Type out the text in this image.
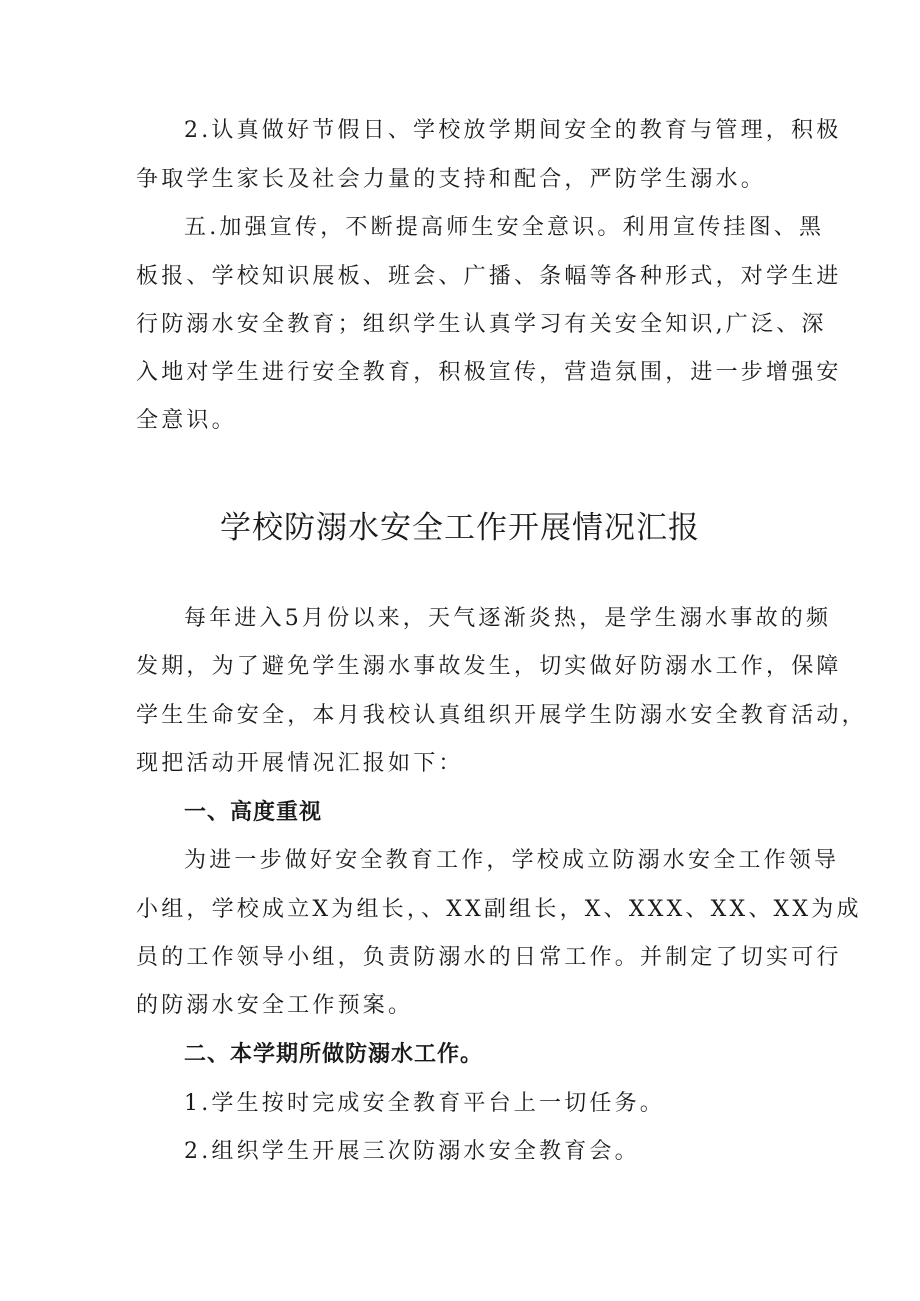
2.认真做好节假日、学校放学期间安全的教育与管理，积极
争取学生家长及社会力量的支持和配合，严防学生溺水。
五.加强宣传，不断提高师生安全意识。利用宣传挂图、黑
板报、学校知识展板、班会、广播、条幅等各种形式，对学生进
行防溺水安全教育；组织学生认真学习有关安全知识,广泛、深
入地对学生进行安全教育，积极宣传，营造氛围，进一步增强安
全意识。
学校防溺水安全工作开展情况汇报
每年进入5月份以来，天气逐渐炎热，是学生溺水事故的频
发期，为了避免学生溺水事故发生，切实做好防溺水工作，保障
学生生命安全，本月我校认真组织开展学生防溺水安全教育活动，
现把活动开展情况汇报如下：
一、高度重视
为进一步做好安全教育工作，学校成立防溺水安全工作领导
小组，学校成立X为组长，、XX副组长，X、XXX、XX、XX为成
员的工作领导小组，负责防溺水的日常工作。并制定了切实可行
的防溺水安全工作预案。
二、本学期所做防溺水工作。
1.学生按时完成安全教育平台上一切任务。
2.组织学生开展三次防溺水安全教育会。
